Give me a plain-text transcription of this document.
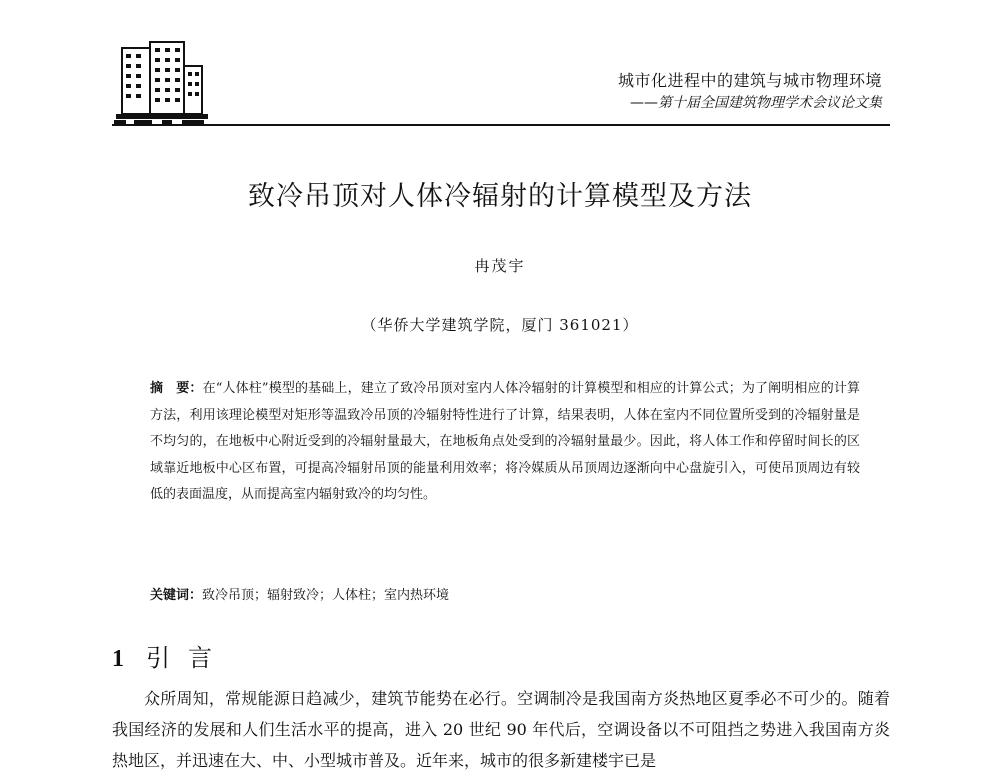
城市化进程中的建筑与城市物理环境
——第十届全国建筑物理学术会议论文集
致冷吊顶对人体冷辐射的计算模型及方法
冉茂宇
（华侨大学建筑学院，厦门 361021）
摘　要：在“人体柱”模型的基础上，建立了致冷吊顶对室内人体冷辐射的计算模型和相应的计算公式；为了阐明相应的计算方法，利用该理论模型对矩形等温致冷吊顶的冷辐射特性进行了计算，结果表明，人体在室内不同位置所受到的冷辐射量是不均匀的，在地板中心附近受到的冷辐射量最大，在地板角点处受到的冷辐射量最少。因此，将人体工作和停留时间长的区域靠近地板中心区布置，可提高冷辐射吊顶的能量利用效率；将冷媒质从吊顶周边逐渐向中心盘旋引入，可使吊顶周边有较低的表面温度，从而提高室内辐射致冷的均匀性。
关键词：致冷吊顶；辐射致冷；人体柱；室内热环境
1 引言
众所周知，常规能源日趋减少，建筑节能势在必行。空调制冷是我国南方炎热地区夏季必不可少的。随着我国经济的发展和人们生活水平的提高，进入 20 世纪 90 年代后，空调设备以不可阻挡之势进入我国南方炎热地区，并迅速在大、中、小型城市普及。近年来，城市的很多新建楼宇已是
